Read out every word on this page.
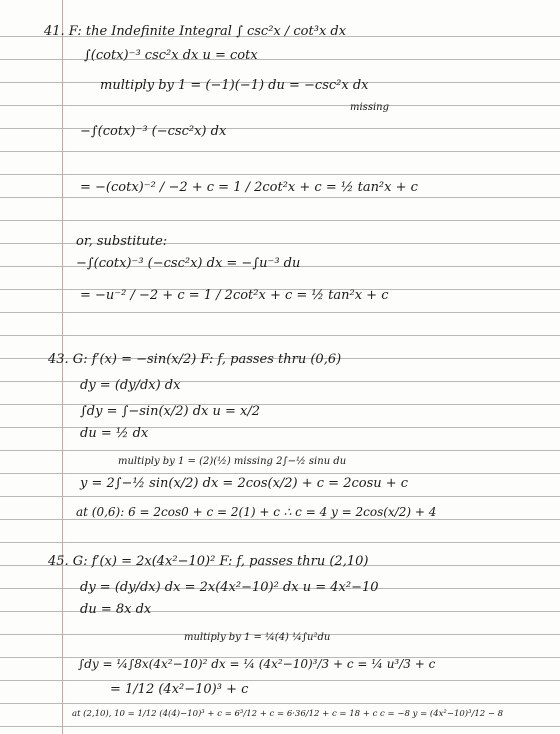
41. F: the Indefinite Integral ∫ csc²x / cot³x dx
∫(cotx)⁻³ csc²x dx u = cotx
multiply by 1 = (−1)(−1) du = −csc²x dx
missing
−∫(cotx)⁻³ (−csc²x) dx
= −(cotx)⁻² / −2 + c = 1 / 2cot²x + c = ½ tan²x + c
or, substitute:
−∫(cotx)⁻³ (−csc²x) dx = −∫u⁻³ du
= −u⁻² / −2 + c = 1 / 2cot²x + c = ½ tan²x + c
43. G: f′(x) = −sin(x/2) F: f, passes thru (0,6)
dy = (dy/dx) dx
∫dy = ∫−sin(x/2) dx u = x/2
du = ½ dx
multiply by 1 = (2)(½) missing 2∫−½ sinu du
y = 2∫−½ sin(x/2) dx = 2cos(x/2) + c = 2cosu + c
at (0,6): 6 = 2cos0 + c = 2(1) + c ∴ c = 4 y = 2cos(x/2) + 4
45. G: f′(x) = 2x(4x²−10)² F: f, passes thru (2,10)
dy = (dy/dx) dx = 2x(4x²−10)² dx u = 4x²−10
du = 8x dx
multiply by 1 = ¼(4) ¼∫u²du
∫dy = ¼∫8x(4x²−10)² dx = ¼ (4x²−10)³/3 + c = ¼ u³/3 + c
= 1/12 (4x²−10)³ + c
at (2,10), 10 = 1/12 (4(4)−10)³ + c = 6³/12 + c = 6·36/12 + c = 18 + c c = −8 y = (4x²−10)³/12 − 8
